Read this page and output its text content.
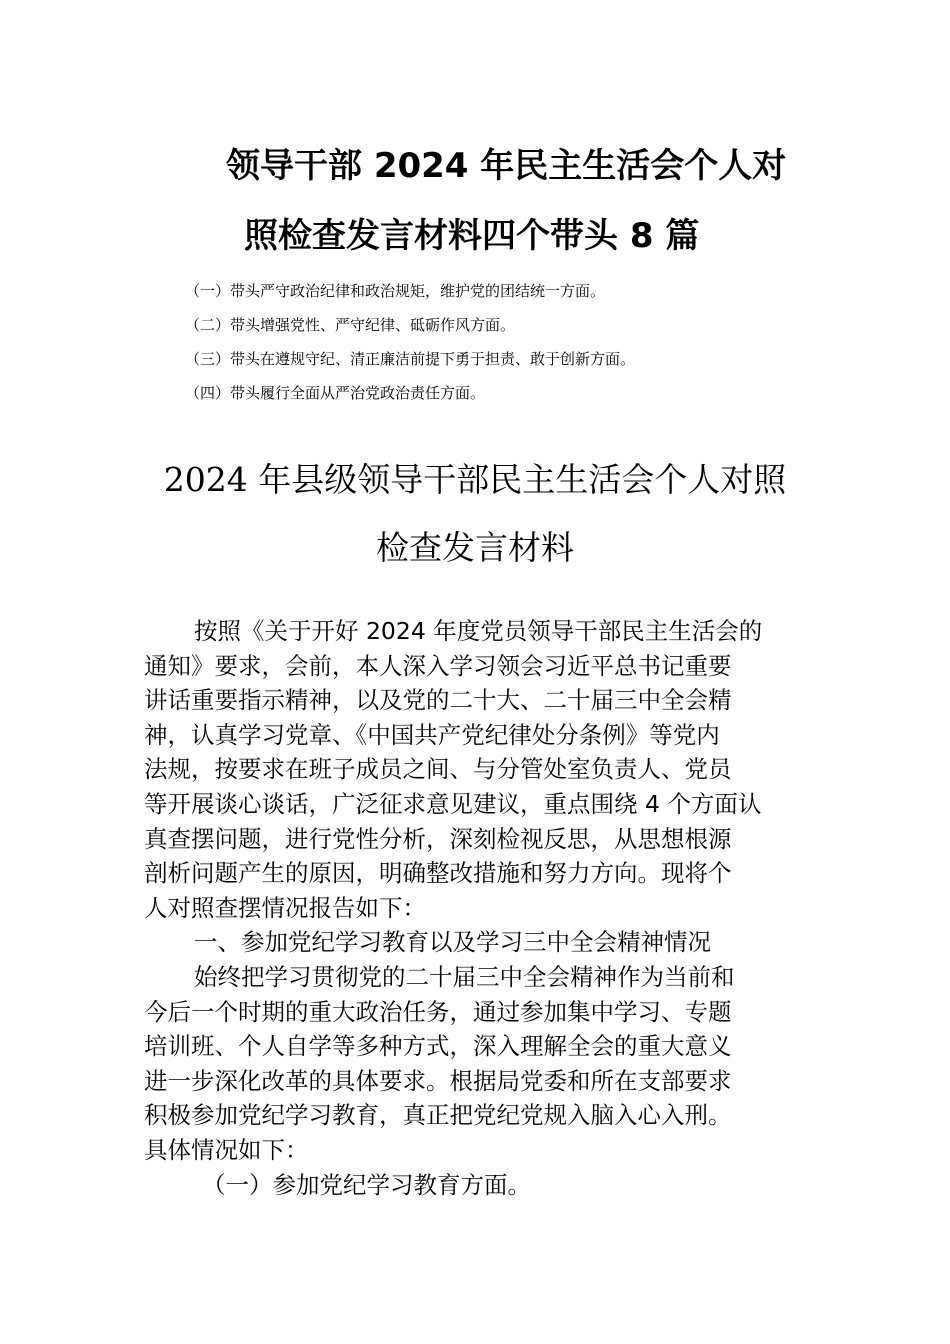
领导干部 2024 年民主生活会个人对
照检查发言材料四个带头 8 篇
（一）带头严守政治纪律和政治规矩，维护党的团结统一方面。
（二）带头增强党性、严守纪律、砥砺作风方面。
（三）带头在遵规守纪、清正廉洁前提下勇于担责、敢于创新方面。
（四）带头履行全面从严治党政治责任方面。
2024 年县级领导干部民主生活会个人对照
检查发言材料
按照《关于开好 2024 年度党员领导干部民主生活会的
通知》要求，会前，本人深入学习领会习近平总书记重要
讲话重要指示精神，以及党的二十大、二十届三中全会精
神，认真学习党章、《中国共产党纪律处分条例》等党内
法规，按要求在班子成员之间、与分管处室负责人、党员
等开展谈心谈话，广泛征求意见建议，重点围绕 4 个方面认
真查摆问题，进行党性分析，深刻检视反思，从思想根源
剖析问题产生的原因，明确整改措施和努力方向。现将个
人对照查摆情况报告如下：
一、参加党纪学习教育以及学习三中全会精神情况
始终把学习贯彻党的二十届三中全会精神作为当前和
今后一个时期的重大政治任务，通过参加集中学习、专题
培训班、个人自学等多种方式，深入理解全会的重大意义
进一步深化改革的具体要求。根据局党委和所在支部要求
积极参加党纪学习教育，真正把党纪党规入脑入心入刑。
具体情况如下：
（一）参加党纪学习教育方面。
